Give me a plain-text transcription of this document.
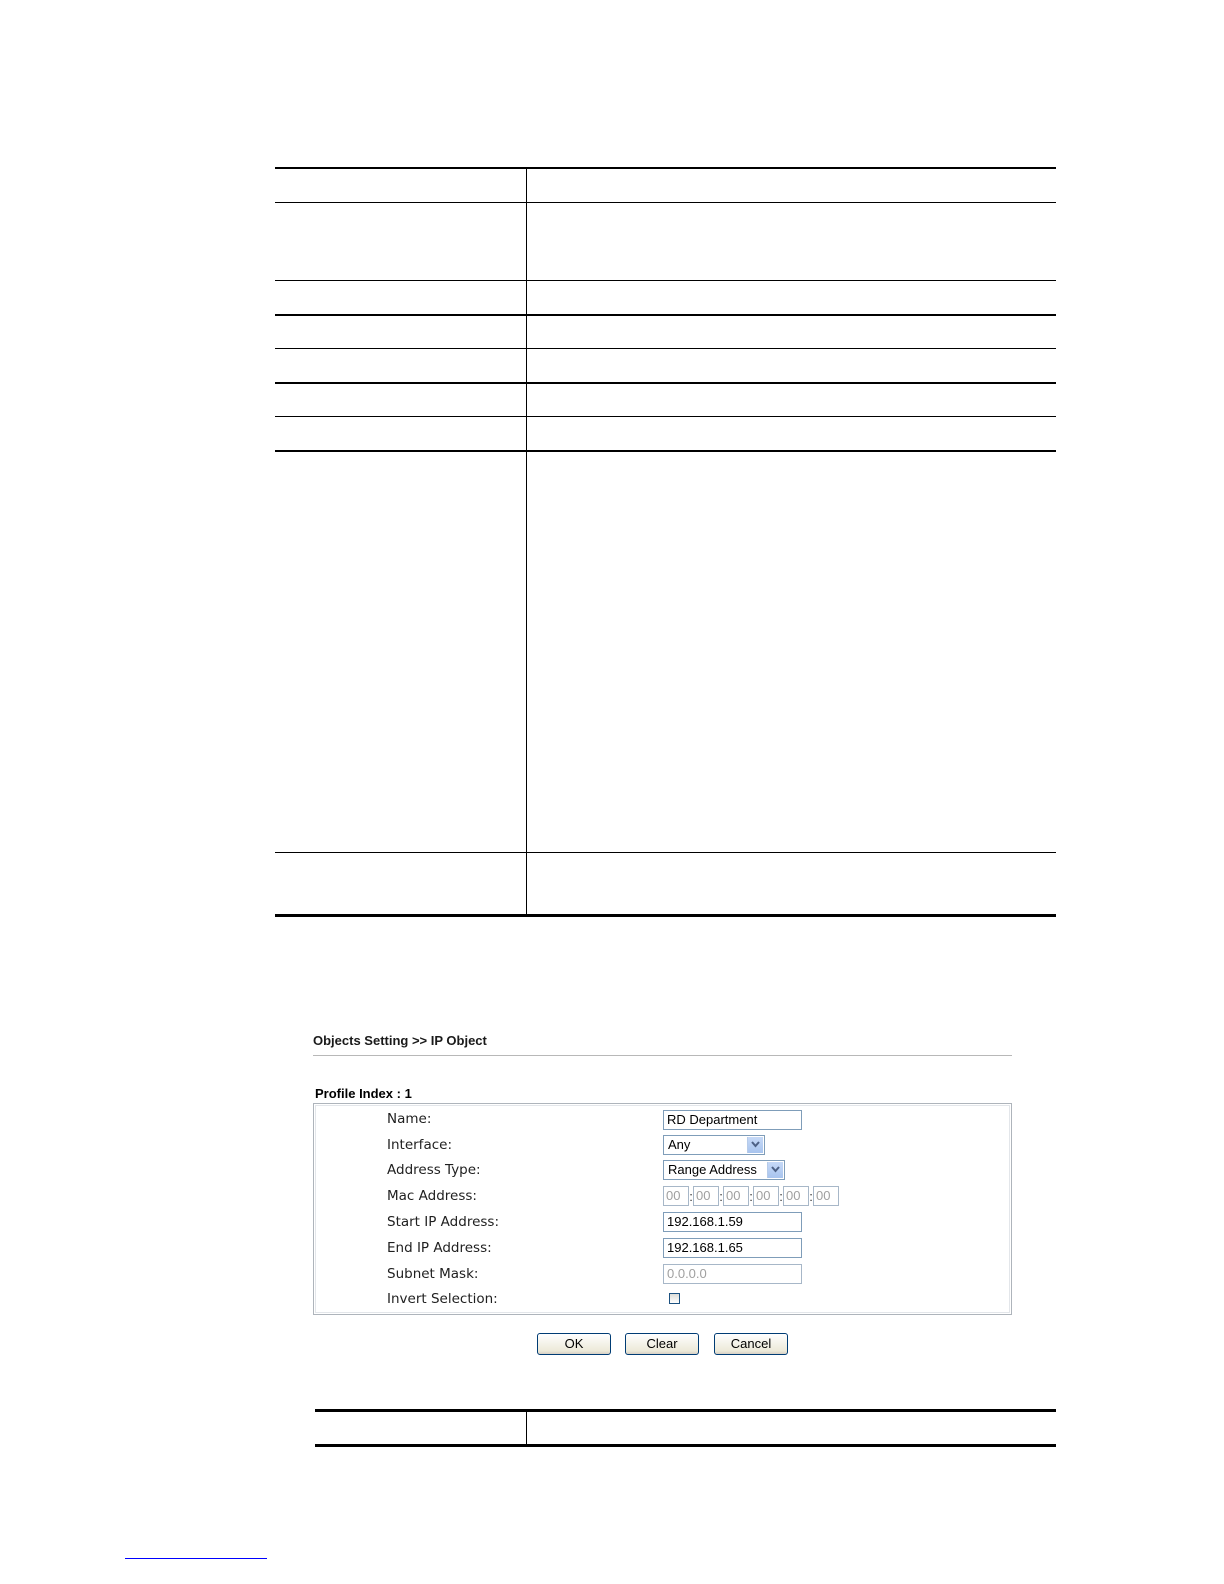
Objects Setting >> IP Object
Profile Index : 1
Name:	RD Department
Interface:	Any
Address Type:	Range Address
Mac Address:	00 : 00 : 00 : 00 : 00 : 00
Start IP Address:	192.168.1.59
End IP Address:	192.168.1.65
Subnet Mask:	0.0.0.0
Invert Selection:
OK	Clear	Cancel
